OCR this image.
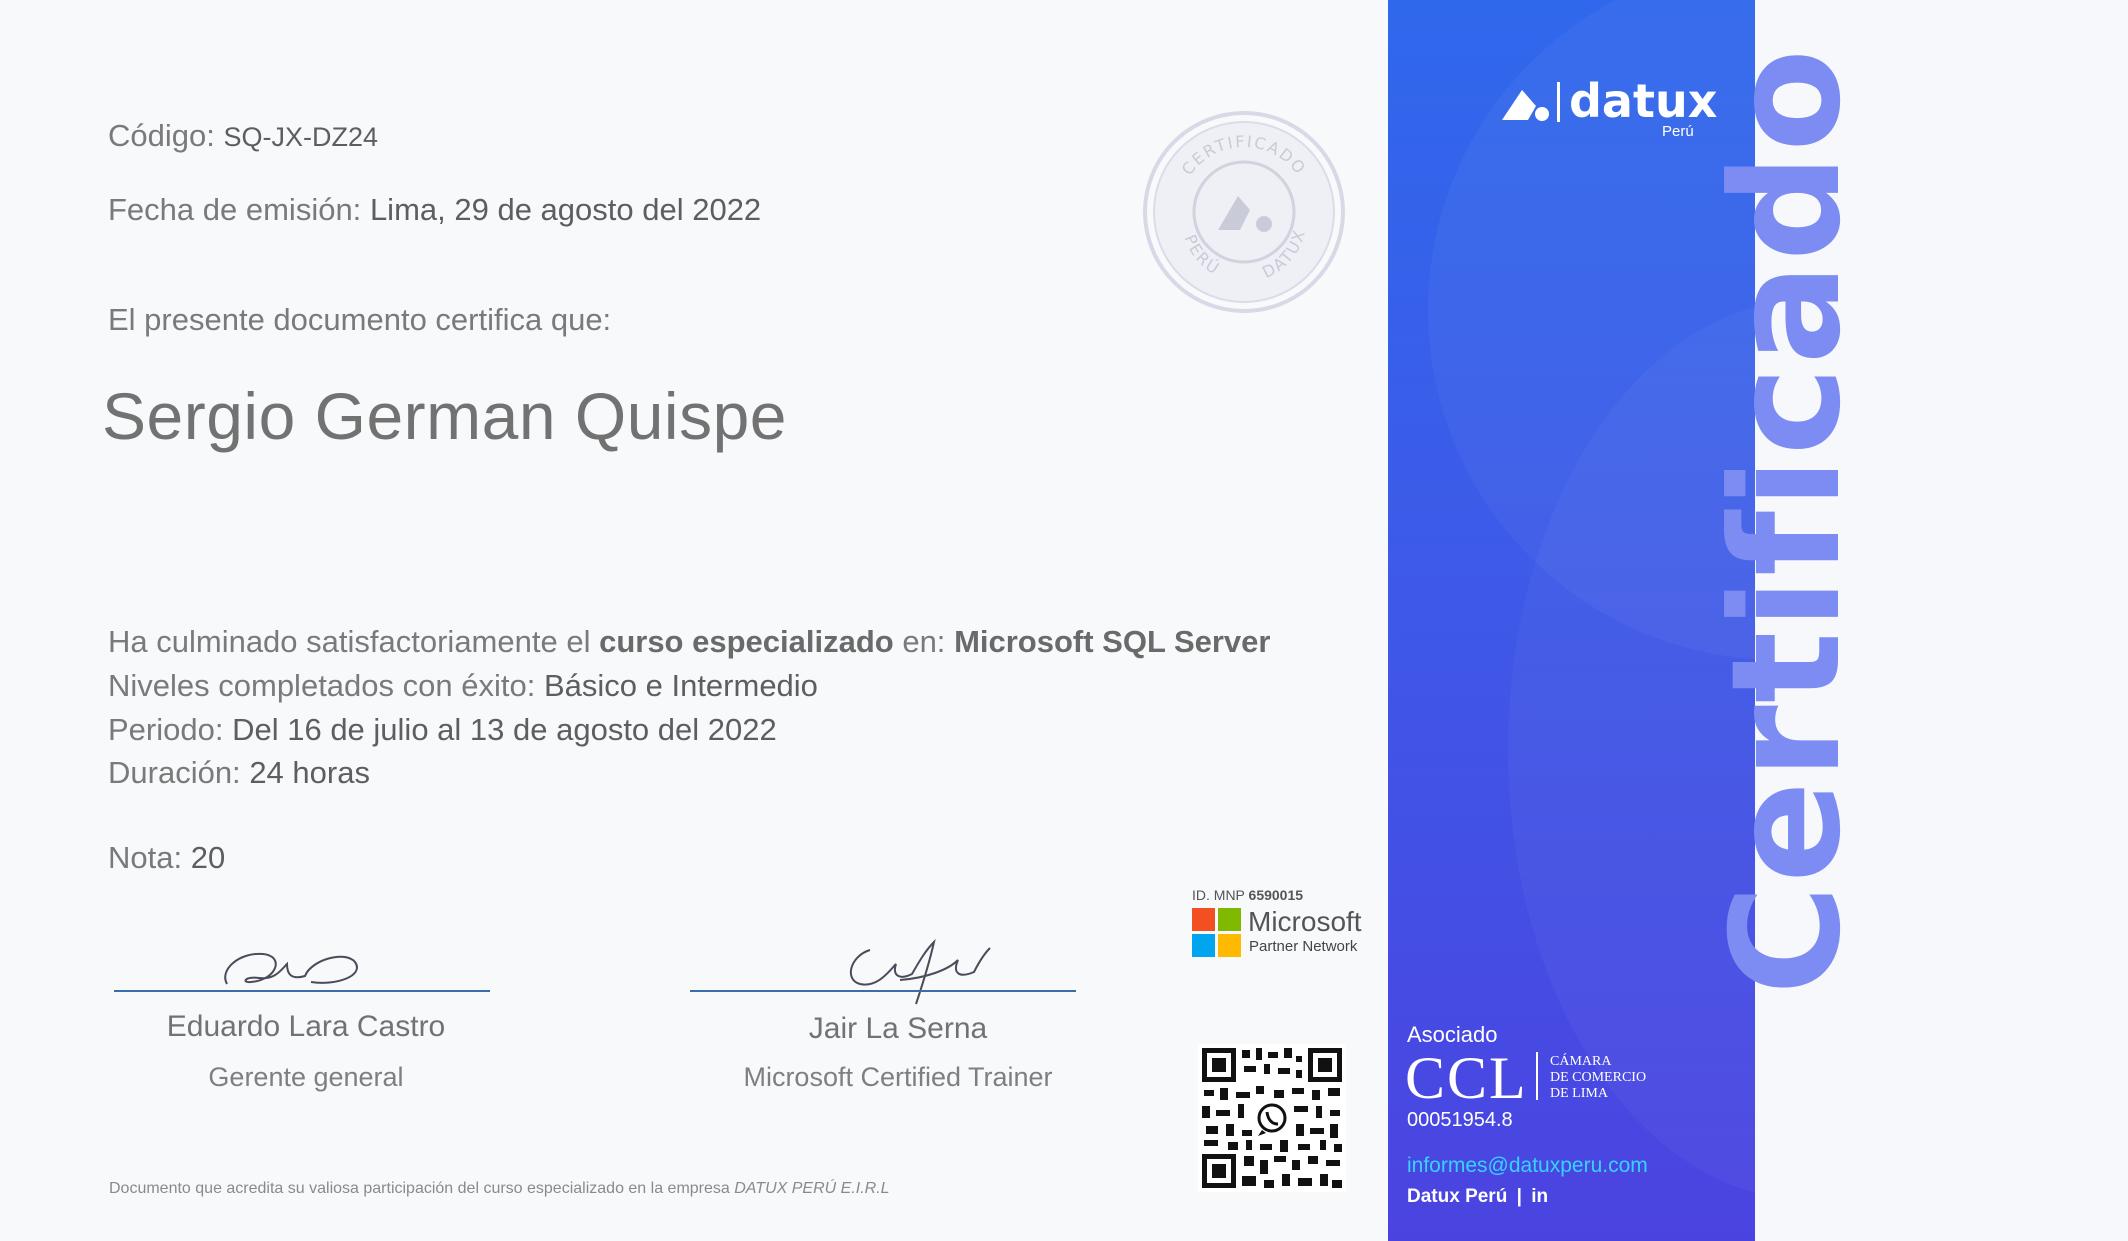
Código: SQ-JX-DZ24
Fecha de emisión: Lima, 29 de agosto del 2022
El presente documento certifica que:
Sergio German Quispe
Ha culminado satisfactoriamente el curso especializado en: Microsoft SQL Server
Niveles completados con éxito: Básico e Intermedio
Periodo: Del 16 de julio al 13 de agosto del 2022
Duración: 24 horas
Nota: 20
CERTIFICADO
PERÚ DATUX
Eduardo Lara Castro
Gerente general
Jair La Serna
Microsoft Certified Trainer
ID. MNP 6590015
Microsoft
Partner Network
Documento que acredita su valiosa participación del curso especializado en la empresa DATUX PERÚ E.I.R.L
Certificado
datux
Perú
Asociado
CCL CÁMARA
DE COMERCIO
DE LIMA
00051954.8
informes@datuxperu.com
Datux Perú | in
